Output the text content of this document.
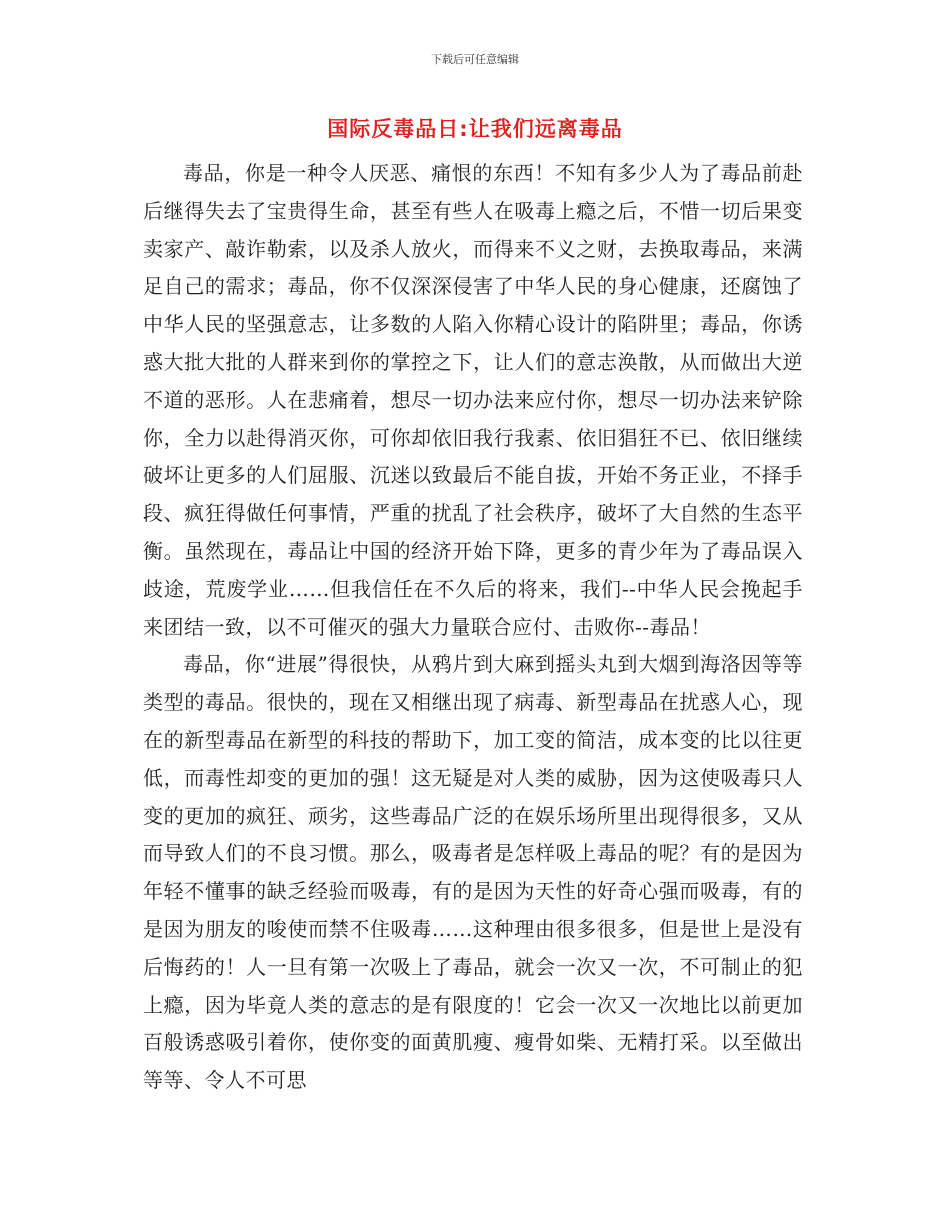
下载后可任意编辑
国际反毒品日:让我们远离毒品

毒品，你是一种令人厌恶、痛恨的东西！不知有多少人为了毒品前赴后继得失去了宝贵得生命，甚至有些人在吸毒上瘾之后，不惜一切后果变卖家产、敲诈勒索，以及杀人放火，而得来不义之财，去换取毒品，来满足自己的需求；毒品，你不仅深深侵害了中华人民的身心健康，还腐蚀了中华人民的坚强意志，让多数的人陷入你精心设计的陷阱里；毒品，你诱惑大批大批的人群来到你的掌控之下，让人们的意志涣散，从而做出大逆不道的恶形。人在悲痛着，想尽一切办法来应付你，想尽一切办法来铲除你，全力以赴得消灭你，可你却依旧我行我素、依旧猖狂不已、依旧继续破坏让更多的人们屈服、沉迷以致最后不能自拔，开始不务正业，不择手段、疯狂得做任何事情，严重的扰乱了社会秩序，破坏了大自然的生态平衡。虽然现在，毒品让中国的经济开始下降，更多的青少年为了毒品误入歧途，荒废学业……但我信任在不久后的将来，我们--中华人民会挽起手来团结一致，以不可催灭的强大力量联合应付、击败你--毒品！

毒品，你“进展”得很快，从鸦片到大麻到摇头丸到大烟到海洛因等等类型的毒品。很快的，现在又相继出现了病毒、新型毒品在扰惑人心，现在的新型毒品在新型的科技的帮助下，加工变的简洁，成本变的比以往更低，而毒性却变的更加的强！这无疑是对人类的威胁，因为这使吸毒只人变的更加的疯狂、顽劣，这些毒品广泛的在娱乐场所里出现得很多，又从而导致人们的不良习惯。那么，吸毒者是怎样吸上毒品的呢？有的是因为年轻不懂事的缺乏经验而吸毒，有的是因为天性的好奇心强而吸毒，有的是因为朋友的唆使而禁不住吸毒……这种理由很多很多，但是世上是没有后悔药的！人一旦有第一次吸上了毒品，就会一次又一次，不可制止的犯上瘾，因为毕竟人类的意志的是有限度的！它会一次又一次地比以前更加百般诱惑吸引着你，使你变的面黄肌瘦、瘦骨如柴、无精打采。以至做出等等、令人不可思
